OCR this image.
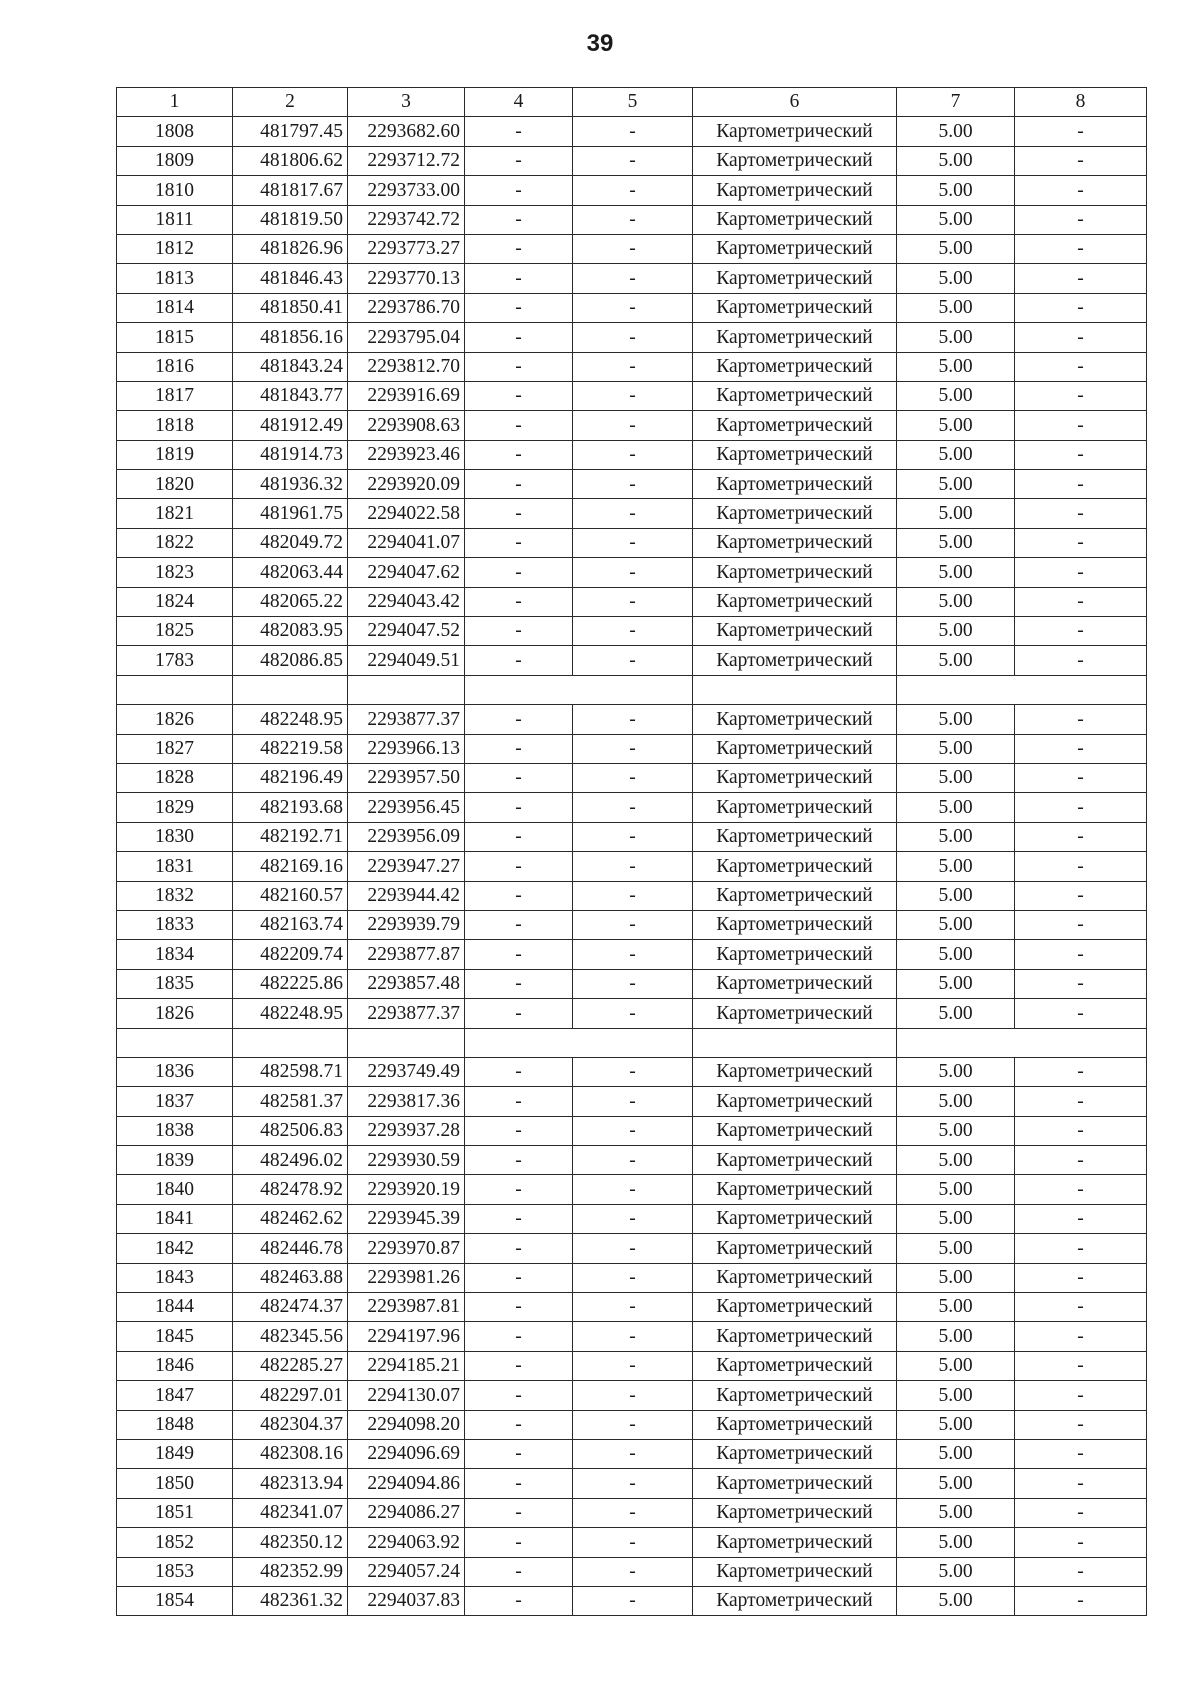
39
1	2	3	4	5	6	7	8
1808	481797.45	2293682.60	-	-	Картометрический	5.00	-
1809	481806.62	2293712.72	-	-	Картометрический	5.00	-
1810	481817.67	2293733.00	-	-	Картометрический	5.00	-
1811	481819.50	2293742.72	-	-	Картометрический	5.00	-
1812	481826.96	2293773.27	-	-	Картометрический	5.00	-
1813	481846.43	2293770.13	-	-	Картометрический	5.00	-
1814	481850.41	2293786.70	-	-	Картометрический	5.00	-
1815	481856.16	2293795.04	-	-	Картометрический	5.00	-
1816	481843.24	2293812.70	-	-	Картометрический	5.00	-
1817	481843.77	2293916.69	-	-	Картометрический	5.00	-
1818	481912.49	2293908.63	-	-	Картометрический	5.00	-
1819	481914.73	2293923.46	-	-	Картометрический	5.00	-
1820	481936.32	2293920.09	-	-	Картометрический	5.00	-
1821	481961.75	2294022.58	-	-	Картометрический	5.00	-
1822	482049.72	2294041.07	-	-	Картометрический	5.00	-
1823	482063.44	2294047.62	-	-	Картометрический	5.00	-
1824	482065.22	2294043.42	-	-	Картометрический	5.00	-
1825	482083.95	2294047.52	-	-	Картометрический	5.00	-
1783	482086.85	2294049.51	-	-	Картометрический	5.00	-

1826	482248.95	2293877.37	-	-	Картометрический	5.00	-
1827	482219.58	2293966.13	-	-	Картометрический	5.00	-
1828	482196.49	2293957.50	-	-	Картометрический	5.00	-
1829	482193.68	2293956.45	-	-	Картометрический	5.00	-
1830	482192.71	2293956.09	-	-	Картометрический	5.00	-
1831	482169.16	2293947.27	-	-	Картометрический	5.00	-
1832	482160.57	2293944.42	-	-	Картометрический	5.00	-
1833	482163.74	2293939.79	-	-	Картометрический	5.00	-
1834	482209.74	2293877.87	-	-	Картометрический	5.00	-
1835	482225.86	2293857.48	-	-	Картометрический	5.00	-
1826	482248.95	2293877.37	-	-	Картометрический	5.00	-

1836	482598.71	2293749.49	-	-	Картометрический	5.00	-
1837	482581.37	2293817.36	-	-	Картометрический	5.00	-
1838	482506.83	2293937.28	-	-	Картометрический	5.00	-
1839	482496.02	2293930.59	-	-	Картометрический	5.00	-
1840	482478.92	2293920.19	-	-	Картометрический	5.00	-
1841	482462.62	2293945.39	-	-	Картометрический	5.00	-
1842	482446.78	2293970.87	-	-	Картометрический	5.00	-
1843	482463.88	2293981.26	-	-	Картометрический	5.00	-
1844	482474.37	2293987.81	-	-	Картометрический	5.00	-
1845	482345.56	2294197.96	-	-	Картометрический	5.00	-
1846	482285.27	2294185.21	-	-	Картометрический	5.00	-
1847	482297.01	2294130.07	-	-	Картометрический	5.00	-
1848	482304.37	2294098.20	-	-	Картометрический	5.00	-
1849	482308.16	2294096.69	-	-	Картометрический	5.00	-
1850	482313.94	2294094.86	-	-	Картометрический	5.00	-
1851	482341.07	2294086.27	-	-	Картометрический	5.00	-
1852	482350.12	2294063.92	-	-	Картометрический	5.00	-
1853	482352.99	2294057.24	-	-	Картометрический	5.00	-
1854	482361.32	2294037.83	-	-	Картометрический	5.00	-
